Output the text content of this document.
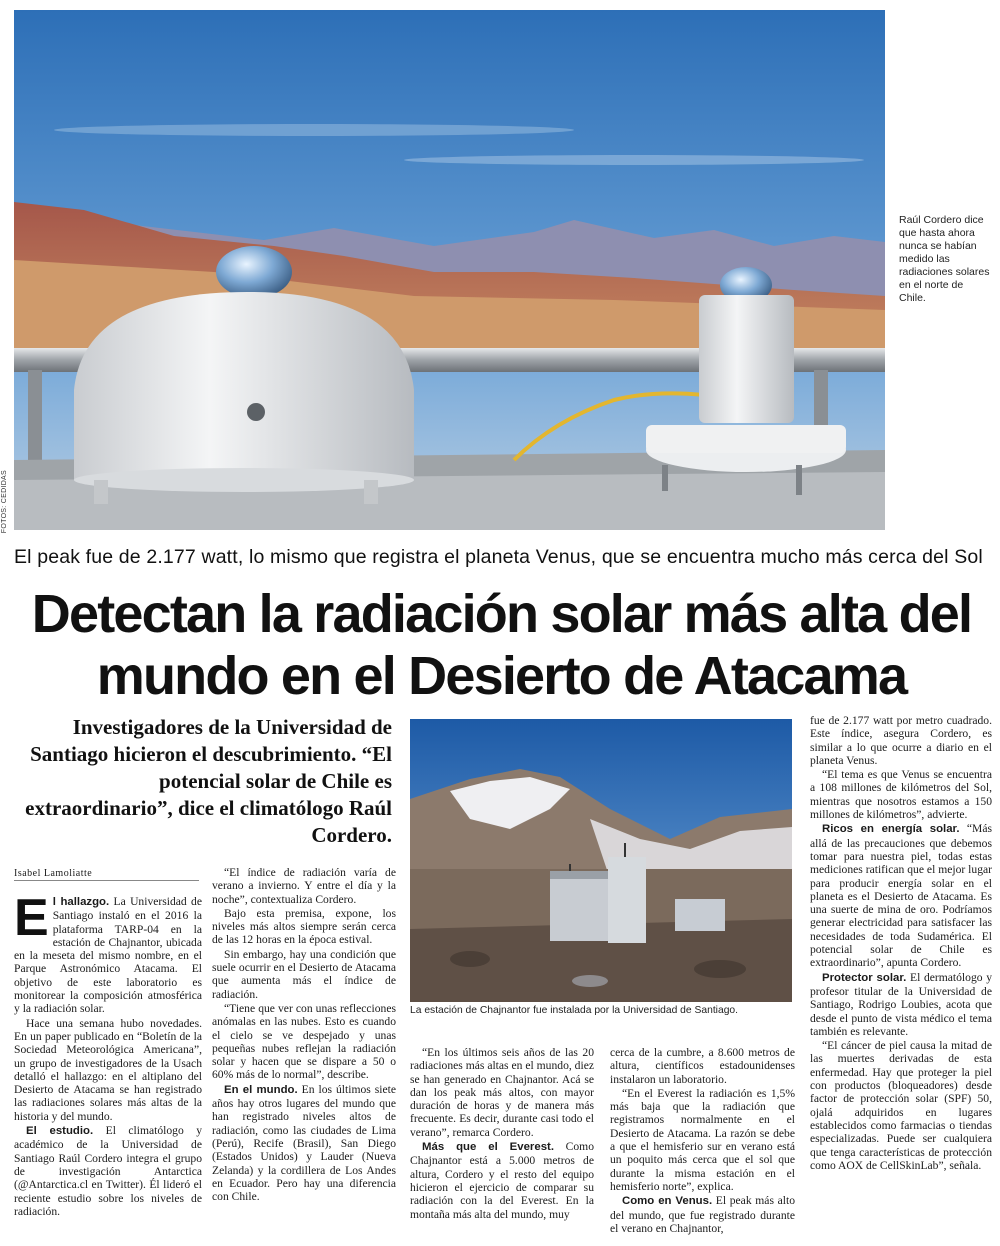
FOTOS: CEDIDAS
Raúl Cordero dice que hasta ahora nunca se habían medido las radiaciones solares en el norte de Chile.
El peak fue de 2.177 watt, lo mismo que registra el planeta Venus, que se encuentra mucho más cerca del Sol
Detectan la radiación solar más alta del
mundo en el Desierto de Atacama
Investigadores de la Universidad de Santiago hicieron el descubrimiento. “El potencial solar de Chile es extraordinario”, dice el climatólogo Raúl Cordero.
Isabel Lamoliatte

El hallazgo. La Universidad de Santiago instaló en el 2016 la plataforma TARP-04 en la estación de Chajnantor, ubicada en la meseta del mismo nombre, en el Parque Astronómico Atacama. El objetivo de este laboratorio es monitorear la composición atmosférica y la radiación solar.

Hace una semana hubo novedades. En un paper publicado en “Boletín de la Sociedad Meteorológica Americana”, un grupo de investigadores de la Usach detalló el hallazgo: en el altiplano del Desierto de Atacama se han registrado las radiaciones solares más altas de la historia y del mundo.

El estudio. El climatólogo y académico de la Universidad de Santiago Raúl Cordero integra el grupo de investigación Antarctica (@Antarctica.cl en Twitter). Él lideró el reciente estudio sobre los niveles de radiación.

“El índice de radiación varía de verano a invierno. Y entre el día y la noche”, contextualiza Cordero.

Bajo esta premisa, expone, los niveles más altos siempre serán cerca de las 12 horas en la época estival.

Sin embargo, hay una condición que suele ocurrir en el Desierto de Atacama que aumenta más el índice de radiación.

“Tiene que ver con unas reflecciones anómalas en las nubes. Esto es cuando el cielo se ve despejado y unas pequeñas nubes reflejan la radiación solar y hacen que se dispare a 50 o 60% más de lo normal”, describe.

En el mundo. En los últimos siete años hay otros lugares del mundo que han registrado niveles altos de radiación, como las ciudades de Lima (Perú), Recife (Brasil), San Diego (Estados Unidos) y Lauder (Nueva Zelanda) y la cordillera de Los Andes en Ecuador. Pero hay una diferencia con Chile.

La estación de Chajnantor fue instalada por la Universidad de Santiago.

“En los últimos seis años de las 20 radiaciones más altas en el mundo, diez se han generado en Chajnantor. Acá se dan los peak más altos, con mayor duración de horas y de manera más frecuente. Es decir, durante casi todo el verano”, remarca Cordero.

Más que el Everest. Como Chajnantor está a 5.000 metros de altura, Cordero y el resto del equipo hicieron el ejercicio de comparar su radiación con la del Everest. En la montaña más alta del mundo, muy

cerca de la cumbre, a 8.600 metros de altura, científicos estadounidenses instalaron un laboratorio.

“En el Everest la radiación es 1,5% más baja que la radiación que registramos normalmente en el Desierto de Atacama. La razón se debe a que el hemisferio sur en verano está un poquito más cerca que el sol que durante la misma estación en el hemisferio norte”, explica.

Como en Venus. El peak más alto del mundo, que fue registrado durante el verano en Chajnantor,

fue de 2.177 watt por metro cuadrado. Este índice, asegura Cordero, es similar a lo que ocurre a diario en el planeta Venus.

“El tema es que Venus se encuentra a 108 millones de kilómetros del Sol, mientras que nosotros estamos a 150 millones de kilómetros”, advierte.

Ricos en energía solar. “Más allá de las precauciones que debemos tomar para nuestra piel, todas estas mediciones ratifican que el mejor lugar para producir energía solar en el planeta es el Desierto de Atacama. Es una suerte de mina de oro. Podríamos generar electricidad para satisfacer las necesidades de toda Sudamérica. El potencial solar de Chile es extraordinario”, apunta Cordero.

Protector solar. El dermatólogo y profesor titular de la Universidad de Santiago, Rodrigo Loubies, acota que desde el punto de vista médico el tema también es relevante.

“El cáncer de piel causa la mitad de las muertes derivadas de esta enfermedad. Hay que proteger la piel con productos (bloqueadores) desde factor de protección solar (SPF) 50, ojalá adquiridos en lugares establecidos como farmacias o tiendas especializadas. Puede ser cualquiera que tenga características de protección como AOX de CellSkinLab”, señala.
